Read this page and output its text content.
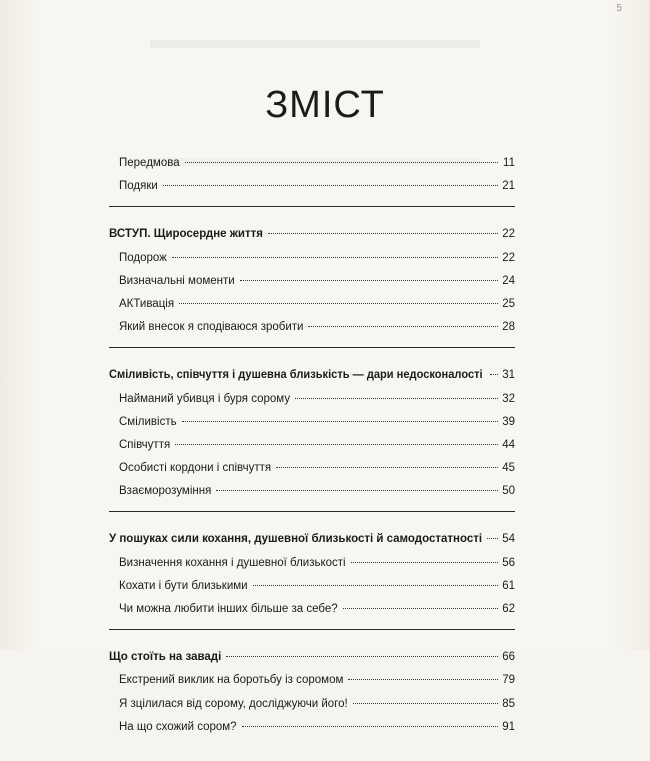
5
ЗМІСТ
Передмова	11
Подяки	21
ВСТУП. Щиросердне життя	22
Подорож	22
Визначальні моменти	24
АКТивація	25
Який внесок я сподіваюся зробити	28
Сміливість, співчуття і душевна близькість — дари недосконалості 31
Найманий убивця і буря сорому	32
Сміливість	39
Співчуття	44
Особисті кордони і співчуття	45
Взаєморозуміння	50
У пошуках сили кохання, душевної близькості й самодостатності 54
Визначення кохання і душевної близькості	56
Кохати і бути близькими	61
Чи можна любити інших більше за себе?	62
Що стоїть на заваді	66
Екстрений виклик на боротьбу із соромом	79
Я зцілилася від сорому, досліджуючи його!	85
На що схожий сором?	91
